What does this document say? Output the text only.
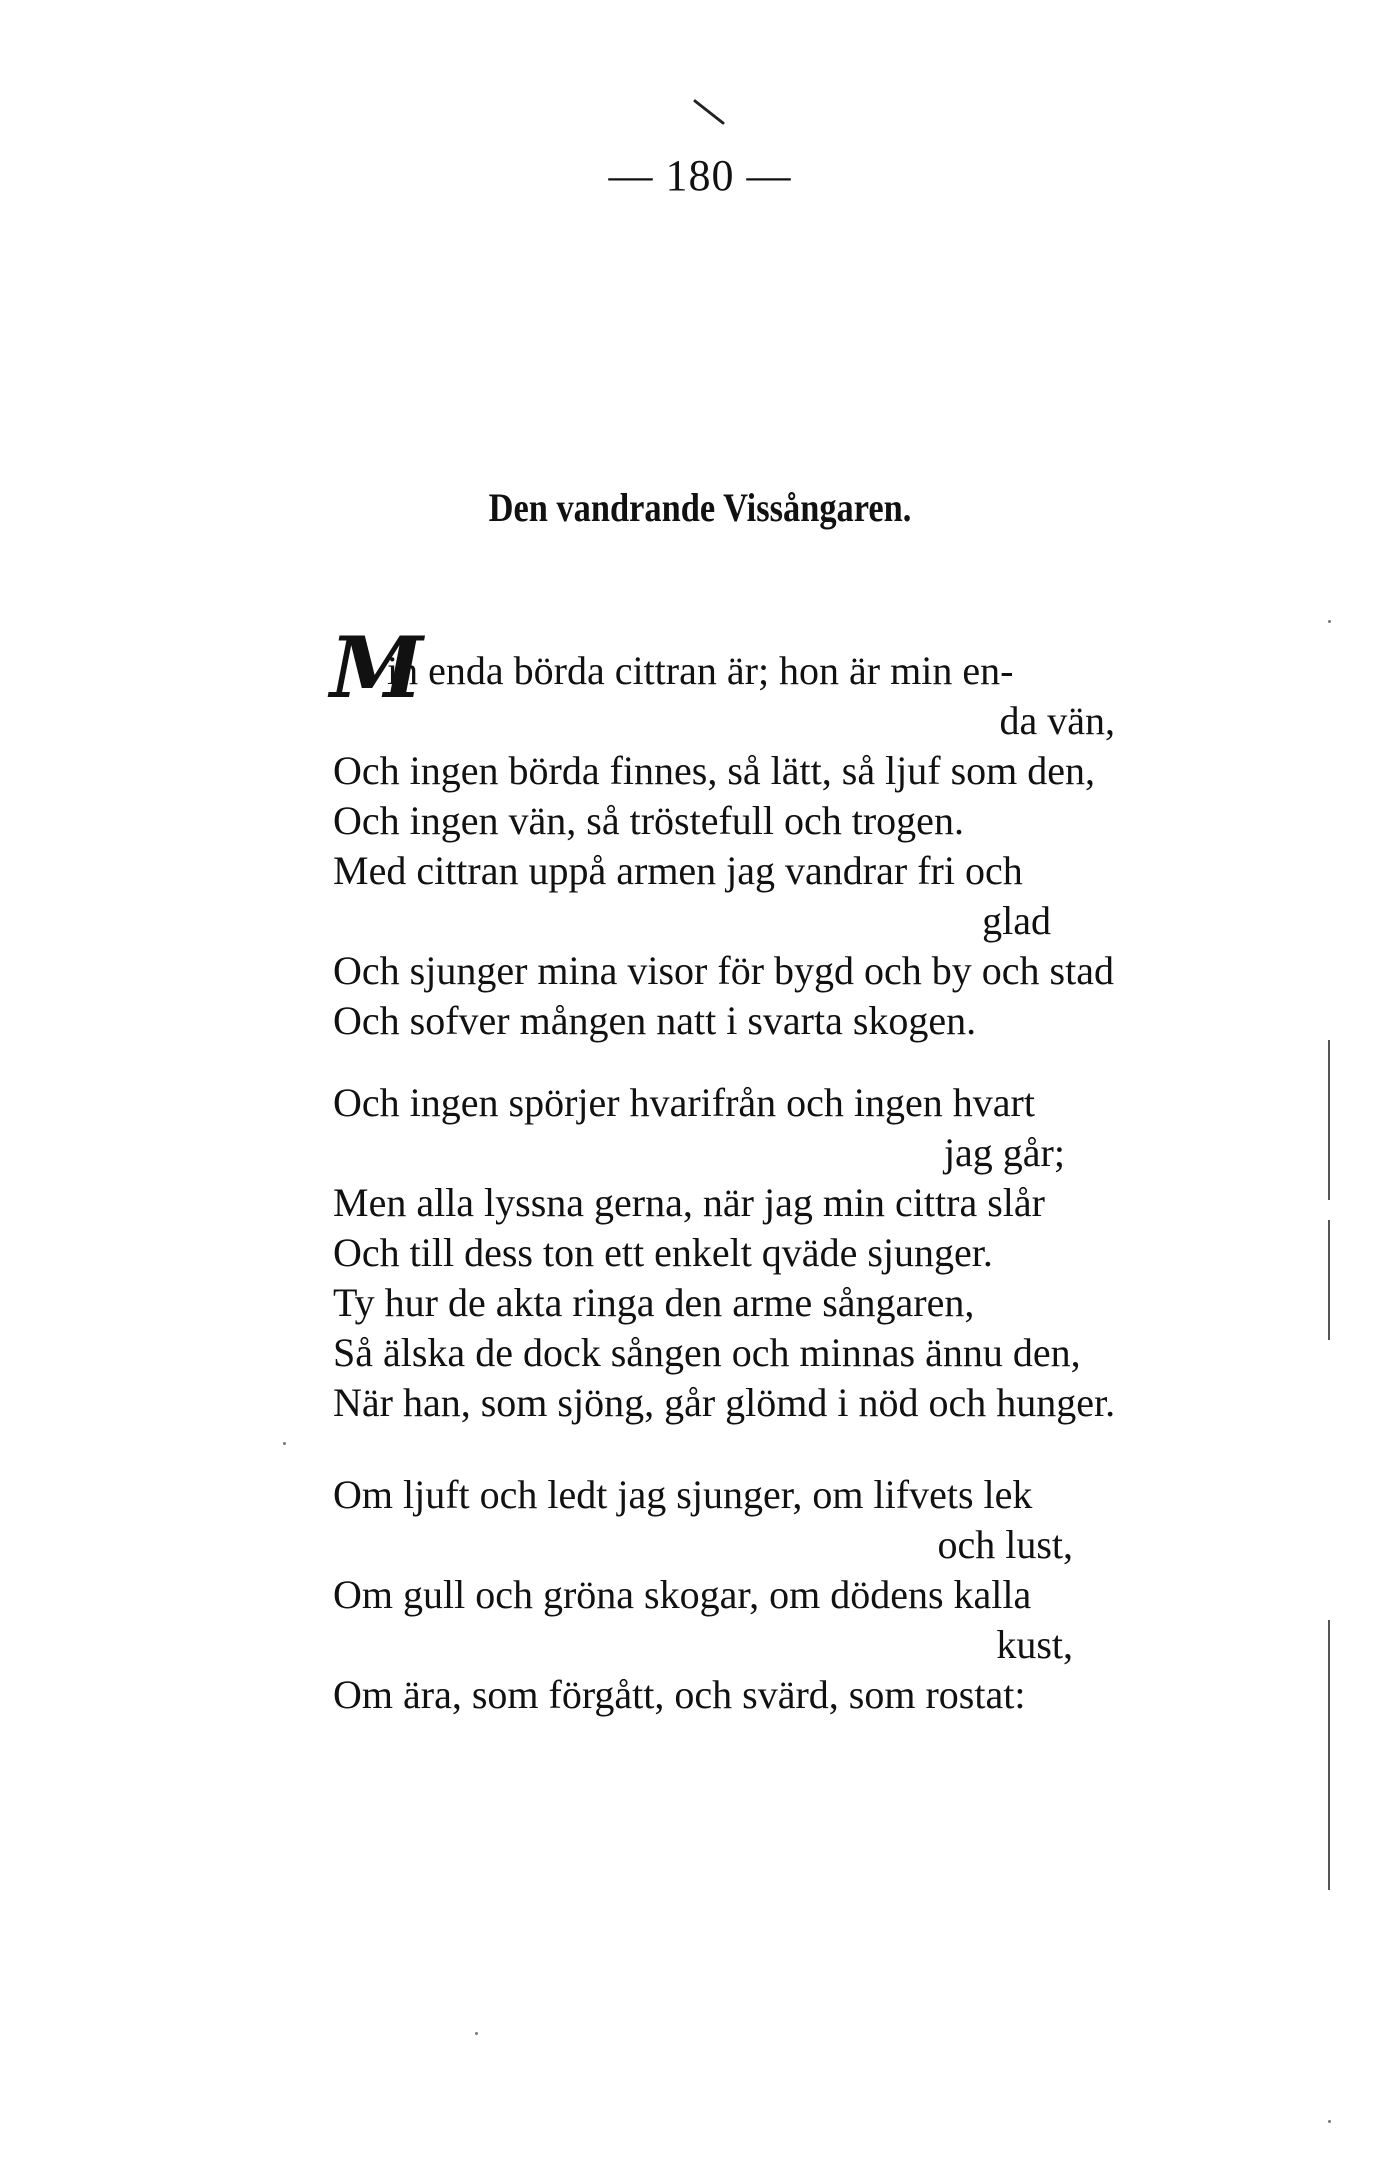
— 180 —
Den vandrande Vissångaren.
M
in enda börda cittran är; hon är min en-
da vän,
Och ingen börda finnes, så lätt, så ljuf som den,
Och ingen vän, så tröstefull och trogen.
Med cittran uppå armen jag vandrar fri och
glad
Och sjunger mina visor för bygd och by och stad
Och sofver mången natt i svarta skogen.
Och ingen spörjer hvarifrån och ingen hvart
jag går;
Men alla lyssna gerna, när jag min cittra slår
Och till dess ton ett enkelt qväde sjunger.
Ty hur de akta ringa den arme sångaren,
Så älska de dock sången och minnas ännu den,
När han, som sjöng, går glömd i nöd och hunger.
Om ljuft och ledt jag sjunger, om lifvets lek
och lust,
Om gull och gröna skogar, om dödens kalla
kust,
Om ära, som förgått, och svärd, som rostat:
